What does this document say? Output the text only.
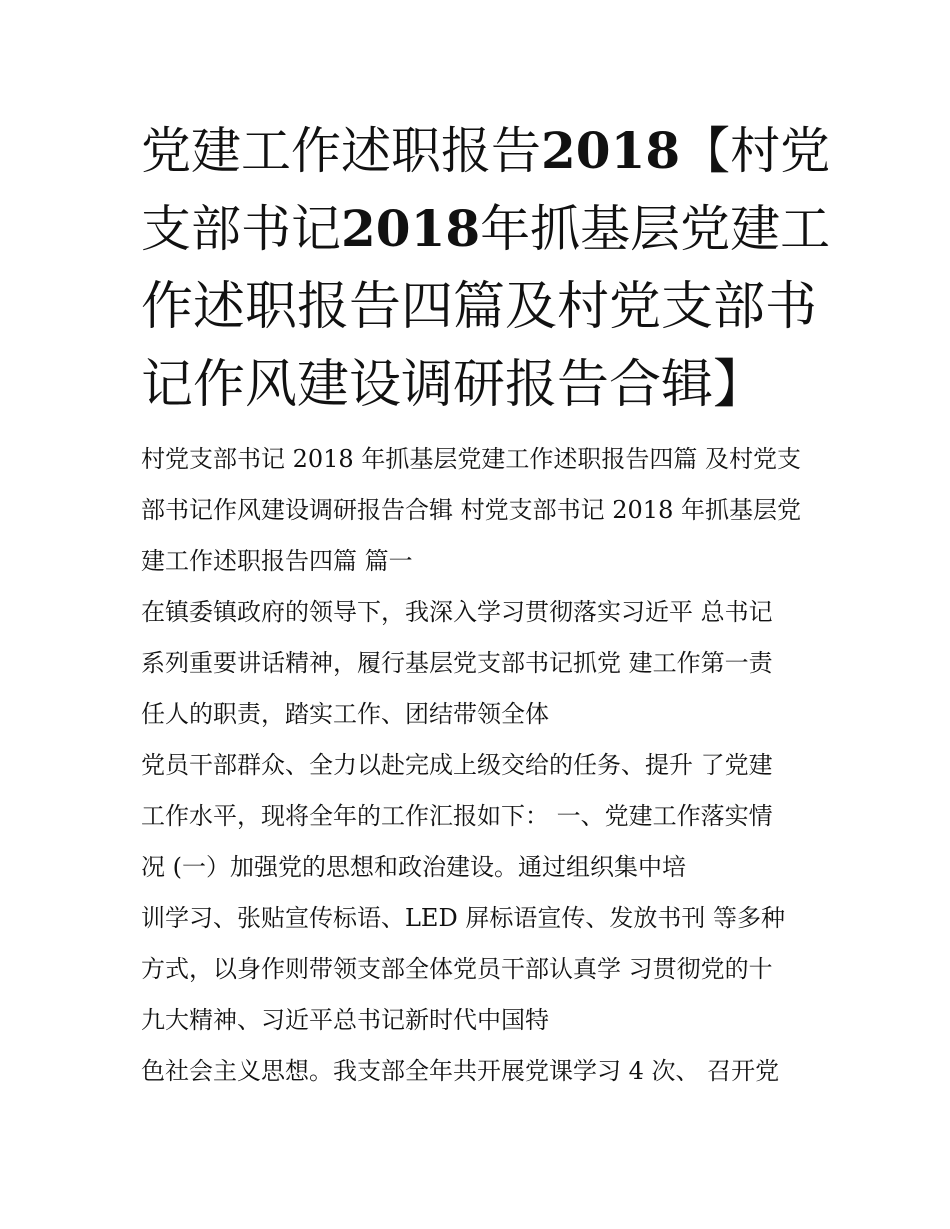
党建工作述职报告2018【村党
支部书记2018年抓基层党建工
作述职报告四篇及村党支部书
记作风建设调研报告合辑】
村党支部书记 2018 年抓基层党建工作述职报告四篇 及村党支
部书记作风建设调研报告合辑 村党支部书记 2018 年抓基层党
建工作述职报告四篇 篇一
在镇委镇政府的领导下，我深入学习贯彻落实习近平 总书记
系列重要讲话精神，履行基层党支部书记抓党 建工作第一责
任人的职责，踏实工作、团结带领全体
党员干部群众、全力以赴完成上级交给的任务、提升 了党建
工作水平，现将全年的工作汇报如下： 一、党建工作落实情
况 (一）加强党的思想和政治建设。通过组织集中培
训学习、张贴宣传标语、LED 屏标语宣传、发放书刊 等多种
方式，以身作则带领支部全体党员干部认真学 习贯彻党的十
九大精神、习近平总书记新时代中国特
色社会主义思想。我支部全年共开展党课学习 4 次、 召开党
